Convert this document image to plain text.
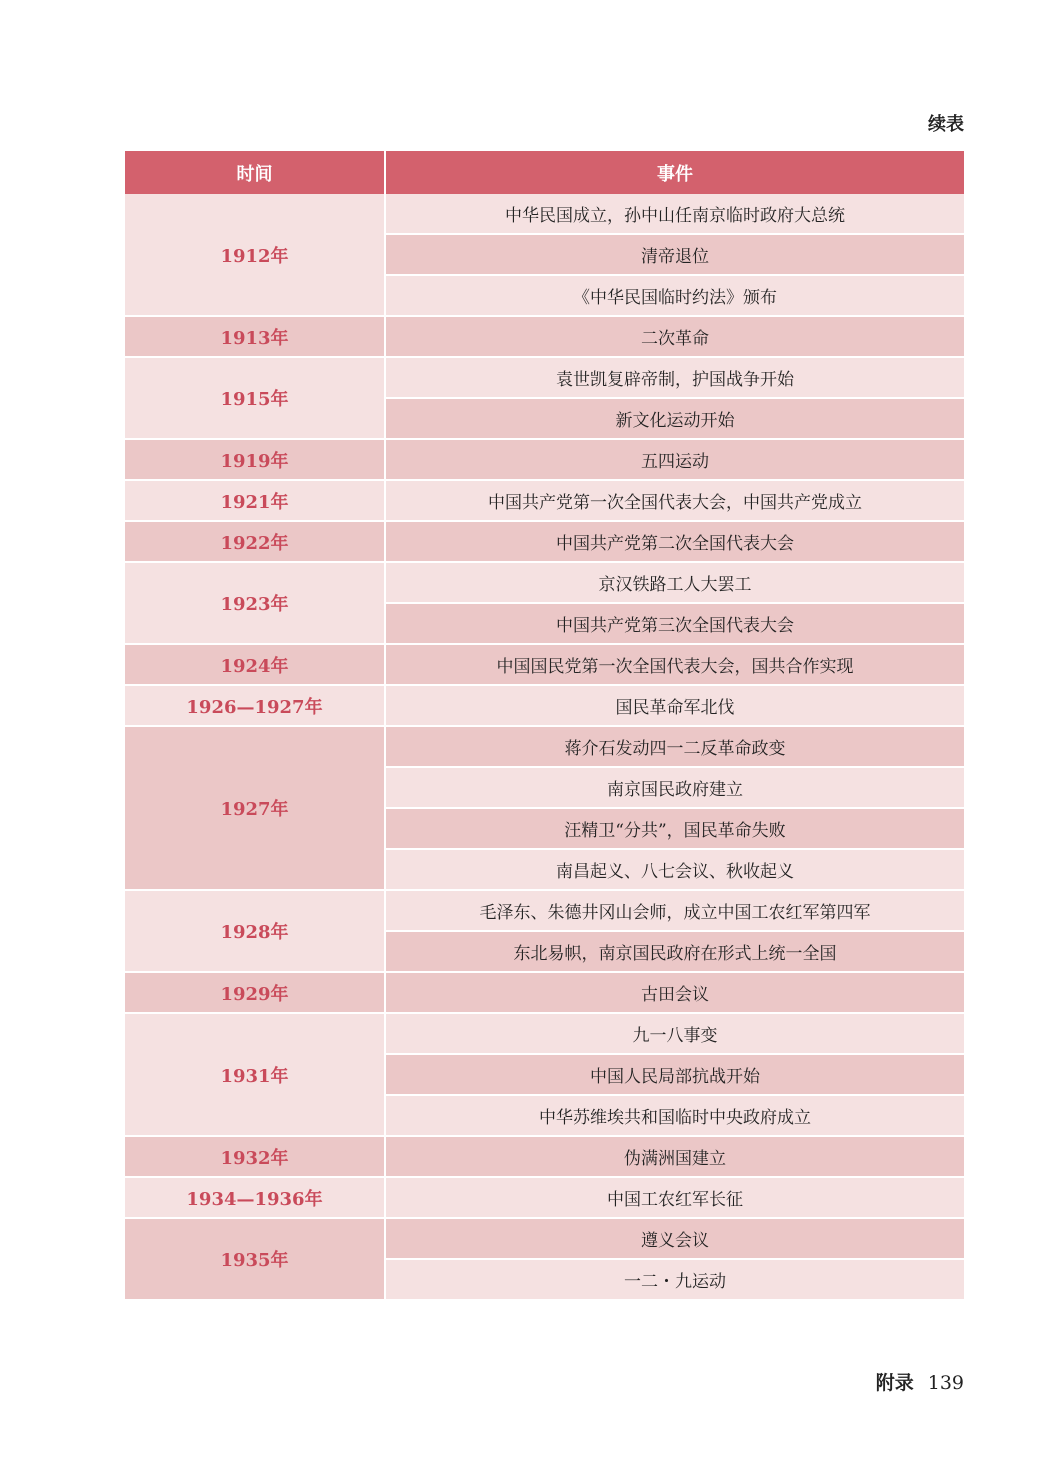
续表
时间	事件
1912年	中华民国成立，孙中山任南京临时政府大总统
	清帝退位
	《中华民国临时约法》颁布
1913年	二次革命
1915年	袁世凯复辟帝制，护国战争开始
	新文化运动开始
1919年	五四运动
1921年	中国共产党第一次全国代表大会，中国共产党成立
1922年	中国共产党第二次全国代表大会
1923年	京汉铁路工人大罢工
	中国共产党第三次全国代表大会
1924年	中国国民党第一次全国代表大会，国共合作实现
1926—1927年	国民革命军北伐
1927年	蒋介石发动四一二反革命政变
	南京国民政府建立
	汪精卫“分共”，国民革命失败
	南昌起义、八七会议、秋收起义
1928年	毛泽东、朱德井冈山会师，成立中国工农红军第四军
	东北易帜，南京国民政府在形式上统一全国
1929年	古田会议
1931年	九一八事变
	中国人民局部抗战开始
	中华苏维埃共和国临时中央政府成立
1932年	伪满洲国建立
1934—1936年	中国工农红军长征
1935年	遵义会议
	一二・九运动
附录 139
